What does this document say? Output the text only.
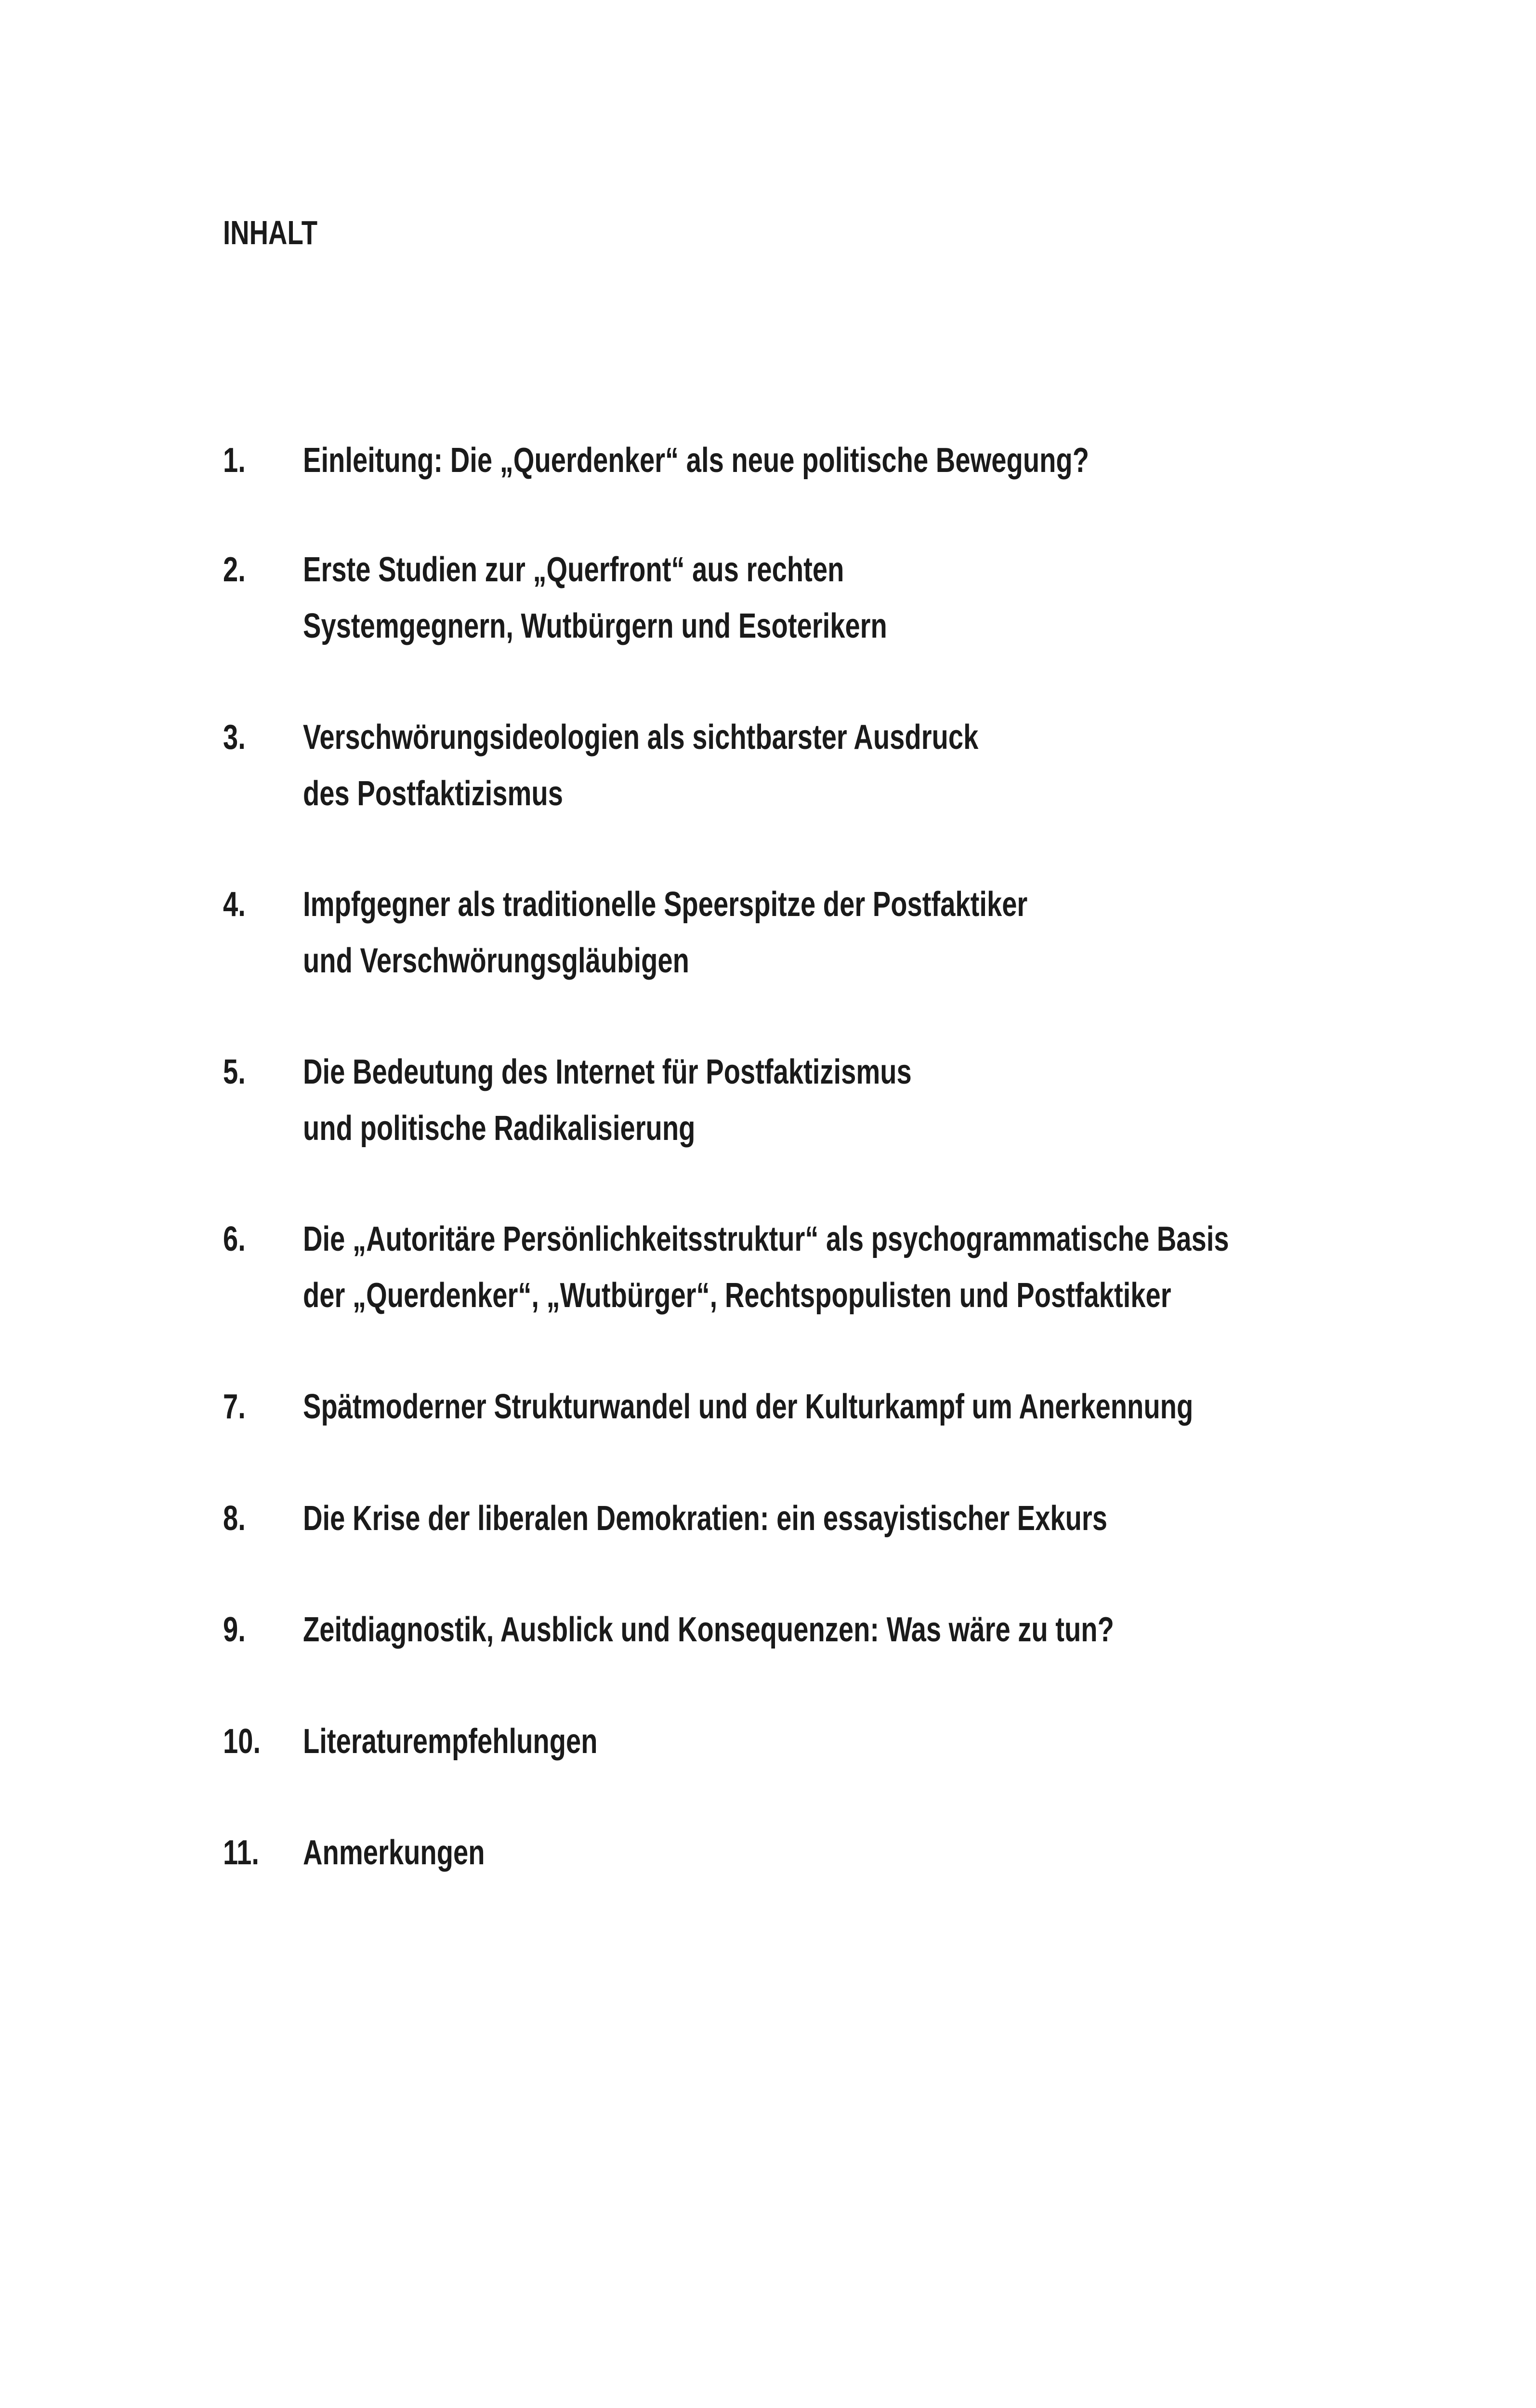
INHALT
1. Einleitung: Die „Querdenker“ als neue politische Bewegung?
2. Erste Studien zur „Querfront“ aus rechten
Systemgegnern, Wutbürgern und Esoterikern
3. Verschwörungsideologien als sichtbarster Ausdruck
des Postfaktizismus
4. Impfgegner als traditionelle Speerspitze der Postfaktiker
und Verschwörungsgläubigen
5. Die Bedeutung des Internet für Postfaktizismus
und politische Radikalisierung
6. Die „Autoritäre Persönlichkeitsstruktur“ als psychogrammatische Basis
der „Querdenker“, „Wutbürger“, Rechtspopulisten und Postfaktiker
7. Spätmoderner Strukturwandel und der Kulturkampf um Anerkennung
8. Die Krise der liberalen Demokratien: ein essayistischer Exkurs
9. Zeitdiagnostik, Ausblick und Konsequenzen: Was wäre zu tun?
10. Literaturempfehlungen
11. Anmerkungen
